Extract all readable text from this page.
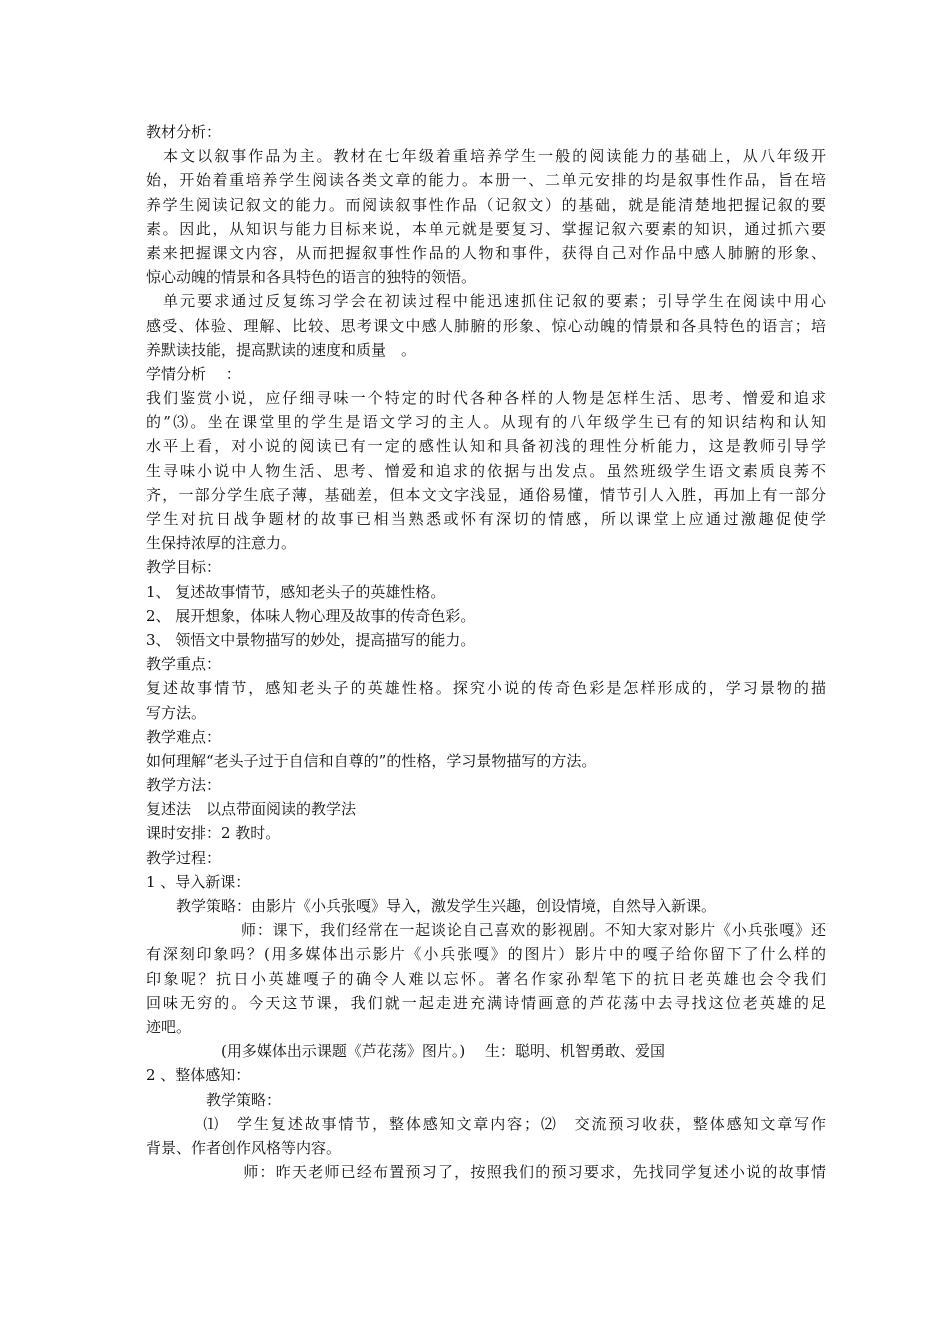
教材分析：
　本文以叙事作品为主。教材在七年级着重培养学生一般的阅读能力的基础上，从八年级开
始，开始着重培养学生阅读各类文章的能力。本册一、二单元安排的均是叙事性作品，旨在培
养学生阅读记叙文的能力。而阅读叙事性作品（记叙文）的基础，就是能清楚地把握记叙的要
素。因此，从知识与能力目标来说，本单元就是要复习、掌握记叙六要素的知识，通过抓六要
素来把握课文内容，从而把握叙事性作品的人物和事件，获得自己对作品中感人肺腑的形象、
惊心动魄的情景和各具特色的语言的独特的领悟。
　单元要求通过反复练习学会在初读过程中能迅速抓住记叙的要素；引导学生在阅读中用心
感受、体验、理解、比较、思考课文中感人肺腑的形象、惊心动魄的情景和各具特色的语言；培
养默读技能，提高默读的速度和质量　。
学情分析　 ：
我们鉴赏小说，应仔细寻味一个特定的时代各种各样的人物是怎样生活、思考、憎爱和追求
的”⑶。坐在课堂里的学生是语文学习的主人。从现有的八年级学生已有的知识结构和认知
水平上看，对小说的阅读已有一定的感性认知和具备初浅的理性分析能力，这是教师引导学
生寻味小说中人物生活、思考、憎爱和追求的依据与出发点。虽然班级学生语文素质良莠不
齐，一部分学生底子薄，基础差，但本文文字浅显，通俗易懂，情节引人入胜，再加上有一部分
学生对抗日战争题材的故事已相当熟悉或怀有深切的情感，所以课堂上应通过激趣促使学
生保持浓厚的注意力。
教学目标：
1、 复述故事情节，感知老头子的英雄性格。
2、 展开想象，体味人物心理及故事的传奇色彩。
3、 领悟文中景物描写的妙处，提高描写的能力。
教学重点：
复述故事情节，感知老头子的英雄性格。探究小说的传奇色彩是怎样形成的，学习景物的描
写方法。
教学难点：
如何理解“老头子过于自信和自尊的”的性格，学习景物描写的方法。
教学方法：
复述法　以点带面阅读的教学法
课时安排：2 教时。
教学过程：
1 、导入新课：
　　教学策略：由影片《小兵张嘎》导入，激发学生兴趣，创设情境，自然导入新课。
　　　　　　师：课下，我们经常在一起谈论自己喜欢的影视剧。不知大家对影片《小兵张嘎》还
有深刻印象吗？(用多媒体出示影片《小兵张嘎》的图片）影片中的嘎子给你留下了什么样的
印象呢？抗日小英雄嘎子的确令人难以忘怀。著名作家孙犁笔下的抗日老英雄也会令我们
回味无穷的。今天这节课，我们就一起走进充满诗情画意的芦花荡中去寻找这位老英雄的足
迹吧。
　　　　　(用多媒体出示课题《芦花荡》图片。)　 生：聪明、机智勇敢、爱国
2 、整体感知：
　　　　教学策略：
　　　 ⑴　学生复述故事情节，整体感知文章内容；⑵　交流预习收获，整体感知文章写作
背景、作者创作风格等内容。
　　　　　　师：昨天老师已经布置预习了，按照我们的预习要求，先找同学复述小说的故事情
